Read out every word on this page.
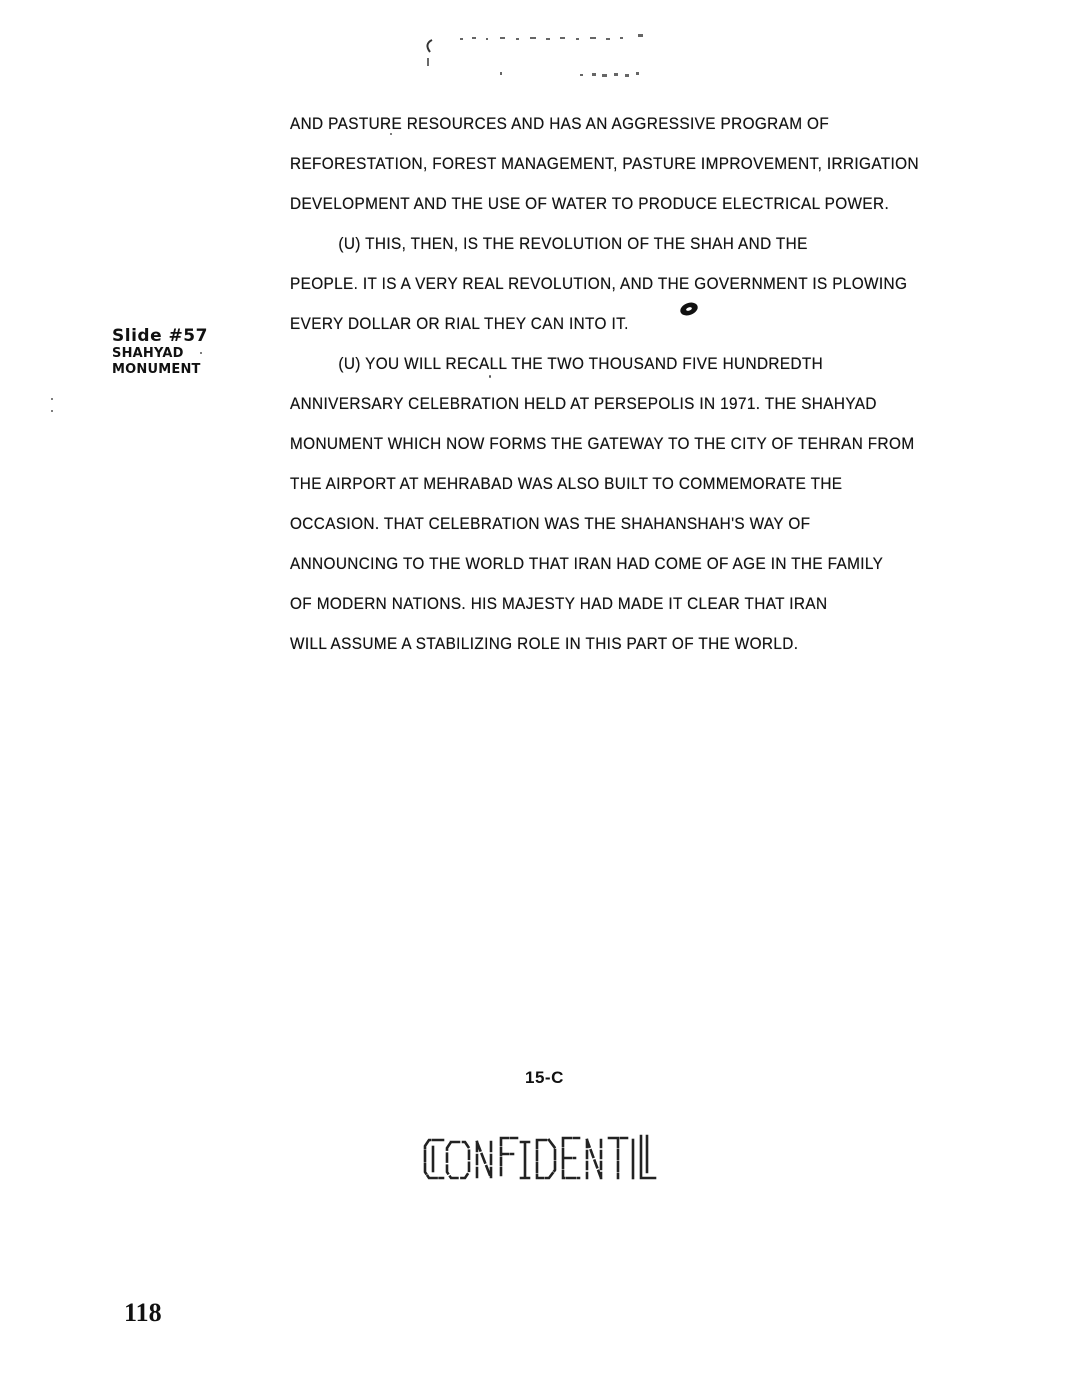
Slide #57
SHAHYAD
MONUMENT
AND PASTURE RESOURCES AND HAS AN AGGRESSIVE PROGRAM OF
REFORESTATION, FOREST MANAGEMENT, PASTURE IMPROVEMENT, IRRIGATION
DEVELOPMENT AND THE USE OF WATER TO PRODUCE ELECTRICAL POWER.
(U) THIS, THEN, IS THE REVOLUTION OF THE SHAH AND THE
PEOPLE. IT IS A VERY REAL REVOLUTION, AND THE GOVERNMENT IS PLOWING
EVERY DOLLAR OR RIAL THEY CAN INTO IT.
(U) YOU WILL RECALL THE TWO THOUSAND FIVE HUNDREDTH
ANNIVERSARY CELEBRATION HELD AT PERSEPOLIS IN 1971. THE SHAHYAD
MONUMENT WHICH NOW FORMS THE GATEWAY TO THE CITY OF TEHRAN FROM
THE AIRPORT AT MEHRABAD WAS ALSO BUILT TO COMMEMORATE THE
OCCASION. THAT CELEBRATION WAS THE SHAHANSHAH'S WAY OF
ANNOUNCING TO THE WORLD THAT IRAN HAD COME OF AGE IN THE FAMILY
OF MODERN NATIONS. HIS MAJESTY HAD MADE IT CLEAR THAT IRAN
WILL ASSUME A STABILIZING ROLE IN THIS PART OF THE WORLD.
15-C
118
